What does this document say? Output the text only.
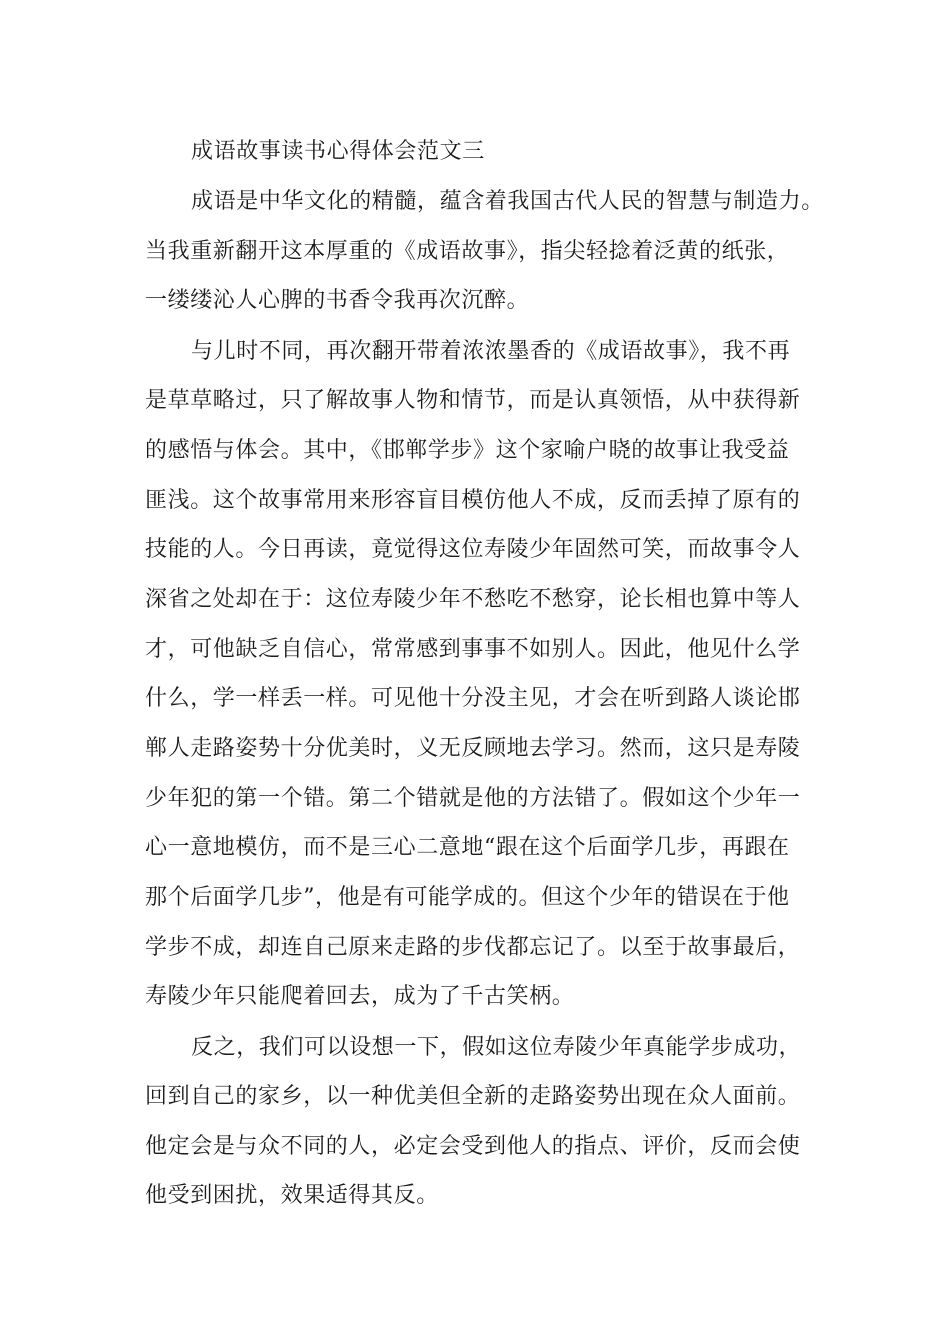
成语故事读书心得体会范文三
成语是中华文化的精髓，蕴含着我国古代人民的智慧与制造力。
当我重新翻开这本厚重的《成语故事》，指尖轻捻着泛黄的纸张，
一缕缕沁人心脾的书香令我再次沉醉。
与儿时不同，再次翻开带着浓浓墨香的《成语故事》，我不再
是草草略过，只了解故事人物和情节，而是认真领悟，从中获得新
的感悟与体会。其中，《邯郸学步》这个家喻户晓的故事让我受益
匪浅。这个故事常用来形容盲目模仿他人不成，反而丢掉了原有的
技能的人。今日再读，竟觉得这位寿陵少年固然可笑，而故事令人
深省之处却在于：这位寿陵少年不愁吃不愁穿，论长相也算中等人
才，可他缺乏自信心，常常感到事事不如别人。因此，他见什么学
什么，学一样丢一样。可见他十分没主见，才会在听到路人谈论邯
郸人走路姿势十分优美时，义无反顾地去学习。然而，这只是寿陵
少年犯的第一个错。第二个错就是他的方法错了。假如这个少年一
心一意地模仿，而不是三心二意地“跟在这个后面学几步，再跟在
那个后面学几步”，他是有可能学成的。但这个少年的错误在于他
学步不成，却连自己原来走路的步伐都忘记了。以至于故事最后，
寿陵少年只能爬着回去，成为了千古笑柄。
反之，我们可以设想一下，假如这位寿陵少年真能学步成功，
回到自己的家乡，以一种优美但全新的走路姿势出现在众人面前。
他定会是与众不同的人，必定会受到他人的指点、评价，反而会使
他受到困扰，效果适得其反。
